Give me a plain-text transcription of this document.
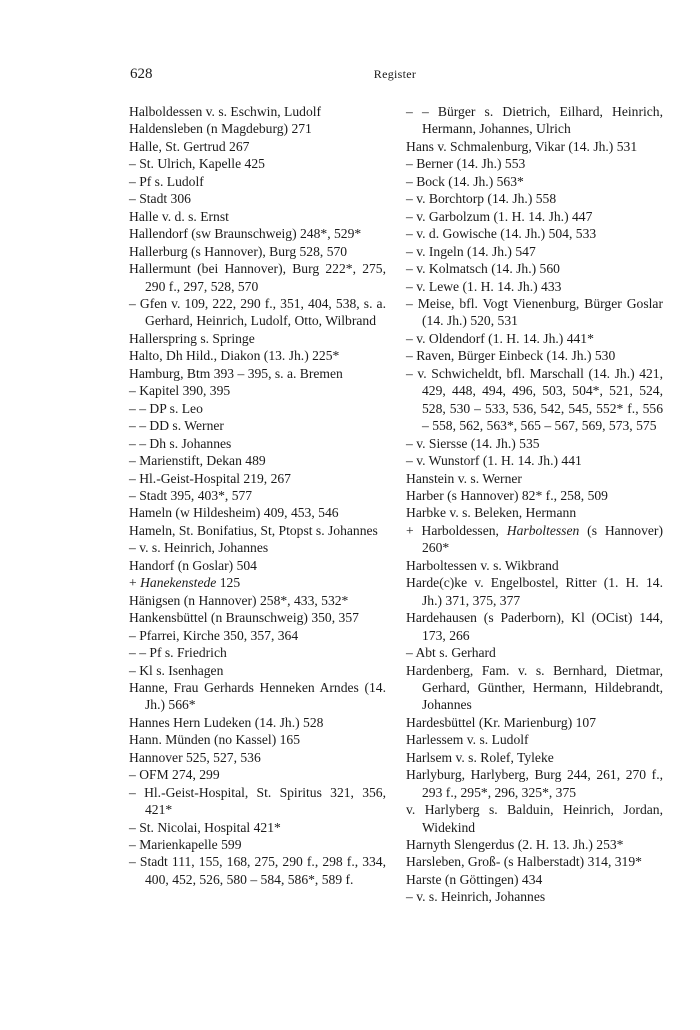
628	Register
Halboldessen v. s. Eschwin, Ludolf
Haldensleben (n Magdeburg) 271
Halle, St. Gertrud 267
– St. Ulrich, Kapelle 425
– Pf s. Ludolf
– Stadt 306
Halle v. d. s. Ernst
Hallendorf (sw Braunschweig) 248*, 529*
Hallerburg (s Hannover), Burg 528, 570
Hallermunt (bei Hannover), Burg 222*, 275, 290 f., 297, 528, 570
– Gfen v. 109, 222, 290 f., 351, 404, 538, s. a. Gerhard, Heinrich, Ludolf, Otto, Wilbrand
Hallerspring s. Springe
Halto, Dh Hild., Diakon (13. Jh.) 225*
Hamburg, Btm 393 – 395, s. a. Bremen
– Kapitel 390, 395
– – DP s. Leo
– – DD s. Werner
– – Dh s. Johannes
– Marienstift, Dekan 489
– Hl.-Geist-Hospital 219, 267
– Stadt 395, 403*, 577
Hameln (w Hildesheim) 409, 453, 546
Hameln, St. Bonifatius, St, Ptopst s. Johannes
– v. s. Heinrich, Johannes
Handorf (n Goslar) 504
+ Hanekenstede 125
Hänigsen (n Hannover) 258*, 433, 532*
Hankensbüttel (n Braunschweig) 350, 357
– Pfarrei, Kirche 350, 357, 364
– – Pf s. Friedrich
– Kl s. Isenhagen
Hanne, Frau Gerhards Henneken Arndes (14. Jh.) 566*
Hannes Hern Ludeken (14. Jh.) 528
Hann. Münden (no Kassel) 165
Hannover 525, 527, 536
– OFM 274, 299
– Hl.-Geist-Hospital, St. Spiritus 321, 356, 421*
– St. Nicolai, Hospital 421*
– Marienkapelle 599
– Stadt 111, 155, 168, 275, 290 f., 298 f., 334, 400, 452, 526, 580 – 584, 586*, 589 f.
– – Bürger s. Dietrich, Eilhard, Heinrich, Hermann, Johannes, Ulrich
Hans v. Schmalenburg, Vikar (14. Jh.) 531
– Berner (14. Jh.) 553
– Bock (14. Jh.) 563*
– v. Borchtorp (14. Jh.) 558
– v. Garbolzum (1. H. 14. Jh.) 447
– v. d. Gowische (14. Jh.) 504, 533
– v. Ingeln (14. Jh.) 547
– v. Kolmatsch (14. Jh.) 560
– v. Lewe (1. H. 14. Jh.) 433
– Meise, bfl. Vogt Vienenburg, Bürger Goslar (14. Jh.) 520, 531
– v. Oldendorf (1. H. 14. Jh.) 441*
– Raven, Bürger Einbeck (14. Jh.) 530
– v. Schwicheldt, bfl. Marschall (14. Jh.) 421, 429, 448, 494, 496, 503, 504*, 521, 524, 528, 530 – 533, 536, 542, 545, 552* f., 556 – 558, 562, 563*, 565 – 567, 569, 573, 575
– v. Siersse (14. Jh.) 535
– v. Wunstorf (1. H. 14. Jh.) 441
Hanstein v. s. Werner
Harber (s Hannover) 82* f., 258, 509
Harbke v. s. Beleken, Hermann
+ Harboldessen, Harboltessen (s Hannover) 260*
Harboltessen v. s. Wikbrand
Harde(c)ke v. Engelbostel, Ritter (1. H. 14. Jh.) 371, 375, 377
Hardehausen (s Paderborn), Kl (OCist) 144, 173, 266
– Abt s. Gerhard
Hardenberg, Fam. v. s. Bernhard, Dietmar, Gerhard, Günther, Hermann, Hildebrandt, Johannes
Hardesbüttel (Kr. Marienburg) 107
Harlessem v. s. Ludolf
Harlsem v. s. Rolef, Tyleke
Harlyburg, Harlyberg, Burg 244, 261, 270 f., 293 f., 295*, 296, 325*, 375
v. Harlyberg s. Balduin, Heinrich, Jordan, Widekind
Harnyth Slengerdus (2. H. 13. Jh.) 253*
Harsleben, Groß- (s Halberstadt) 314, 319*
Harste (n Göttingen) 434
– v. s. Heinrich, Johannes
